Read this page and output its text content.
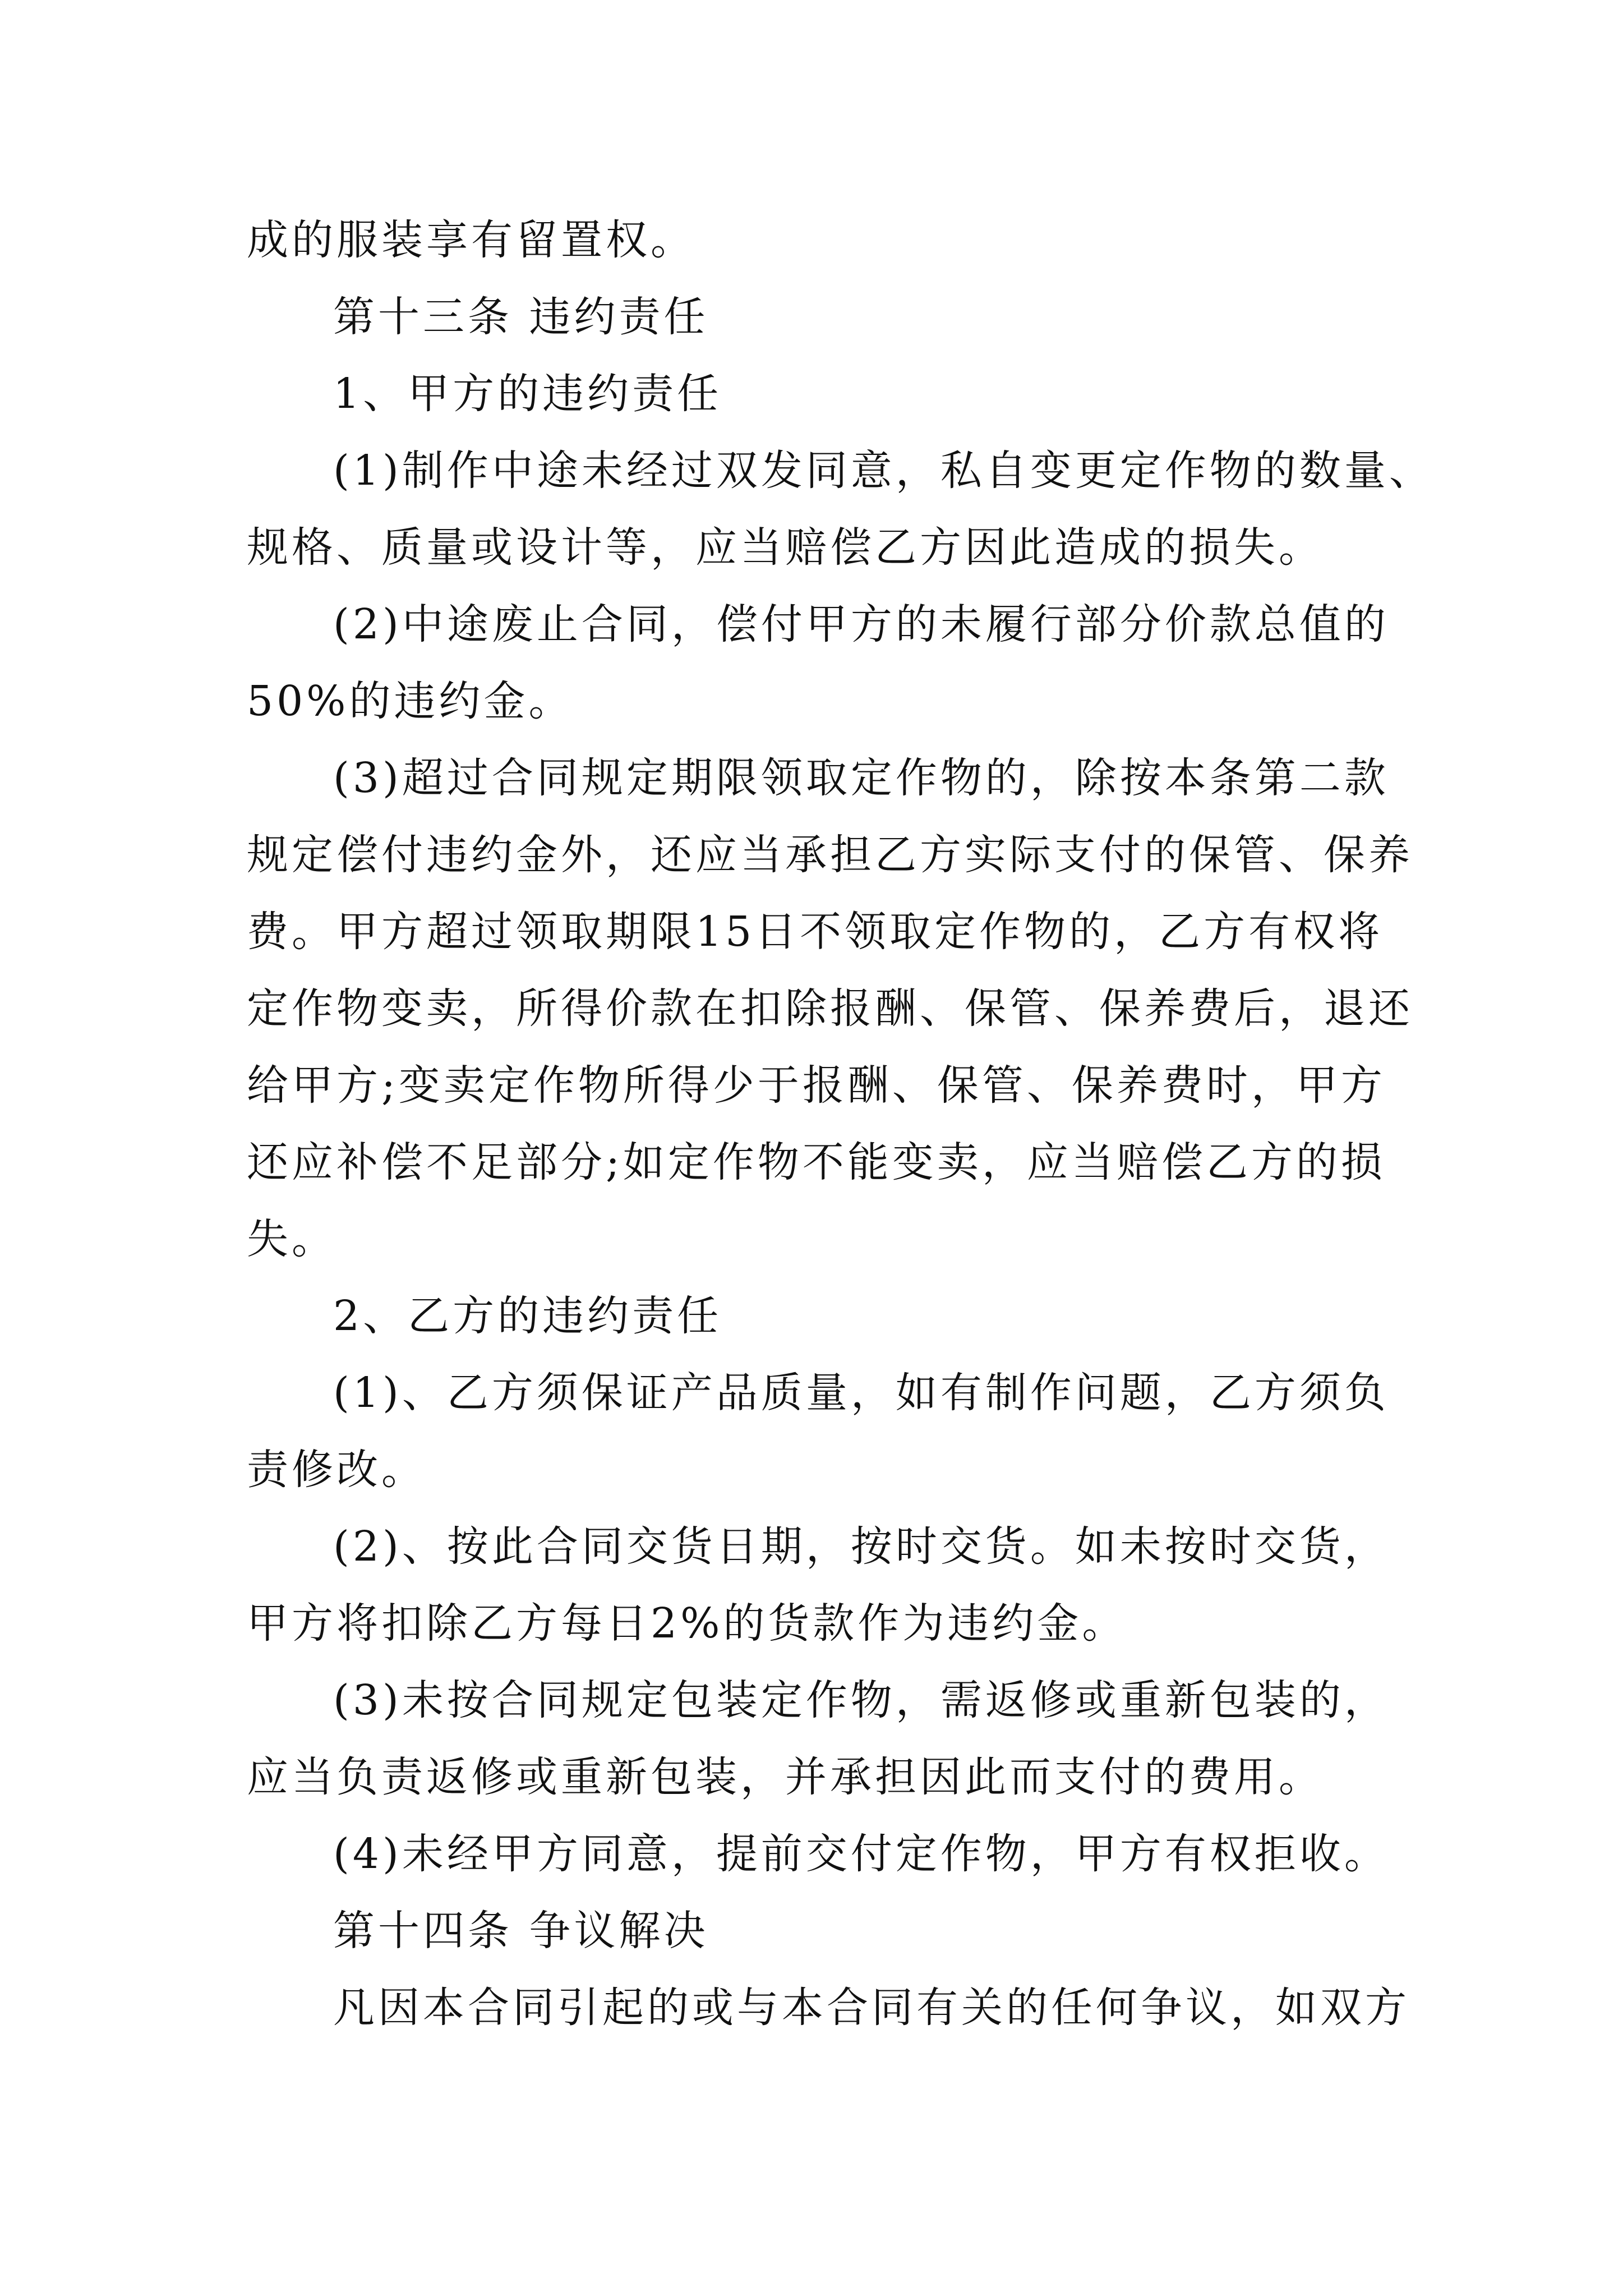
成的服装享有留置权。
第十三条 违约责任
1、甲方的违约责任
(1)制作中途未经过双发同意，私自变更定作物的数量、
规格、质量或设计等，应当赔偿乙方因此造成的损失。
(2)中途废止合同，偿付甲方的未履行部分价款总值的
50%的违约金。
(3)超过合同规定期限领取定作物的，除按本条第二款
规定偿付违约金外，还应当承担乙方实际支付的保管、保养
费。甲方超过领取期限15日不领取定作物的，乙方有权将
定作物变卖，所得价款在扣除报酬、保管、保养费后，退还
给甲方;变卖定作物所得少于报酬、保管、保养费时，甲方
还应补偿不足部分;如定作物不能变卖，应当赔偿乙方的损
失。
2、乙方的违约责任
(1)、乙方须保证产品质量，如有制作问题，乙方须负
责修改。
(2)、按此合同交货日期，按时交货。如未按时交货，
甲方将扣除乙方每日2%的货款作为违约金。
(3)未按合同规定包装定作物，需返修或重新包装的，
应当负责返修或重新包装，并承担因此而支付的费用。
(4)未经甲方同意，提前交付定作物，甲方有权拒收。
第十四条 争议解决
凡因本合同引起的或与本合同有关的任何争议，如双方
